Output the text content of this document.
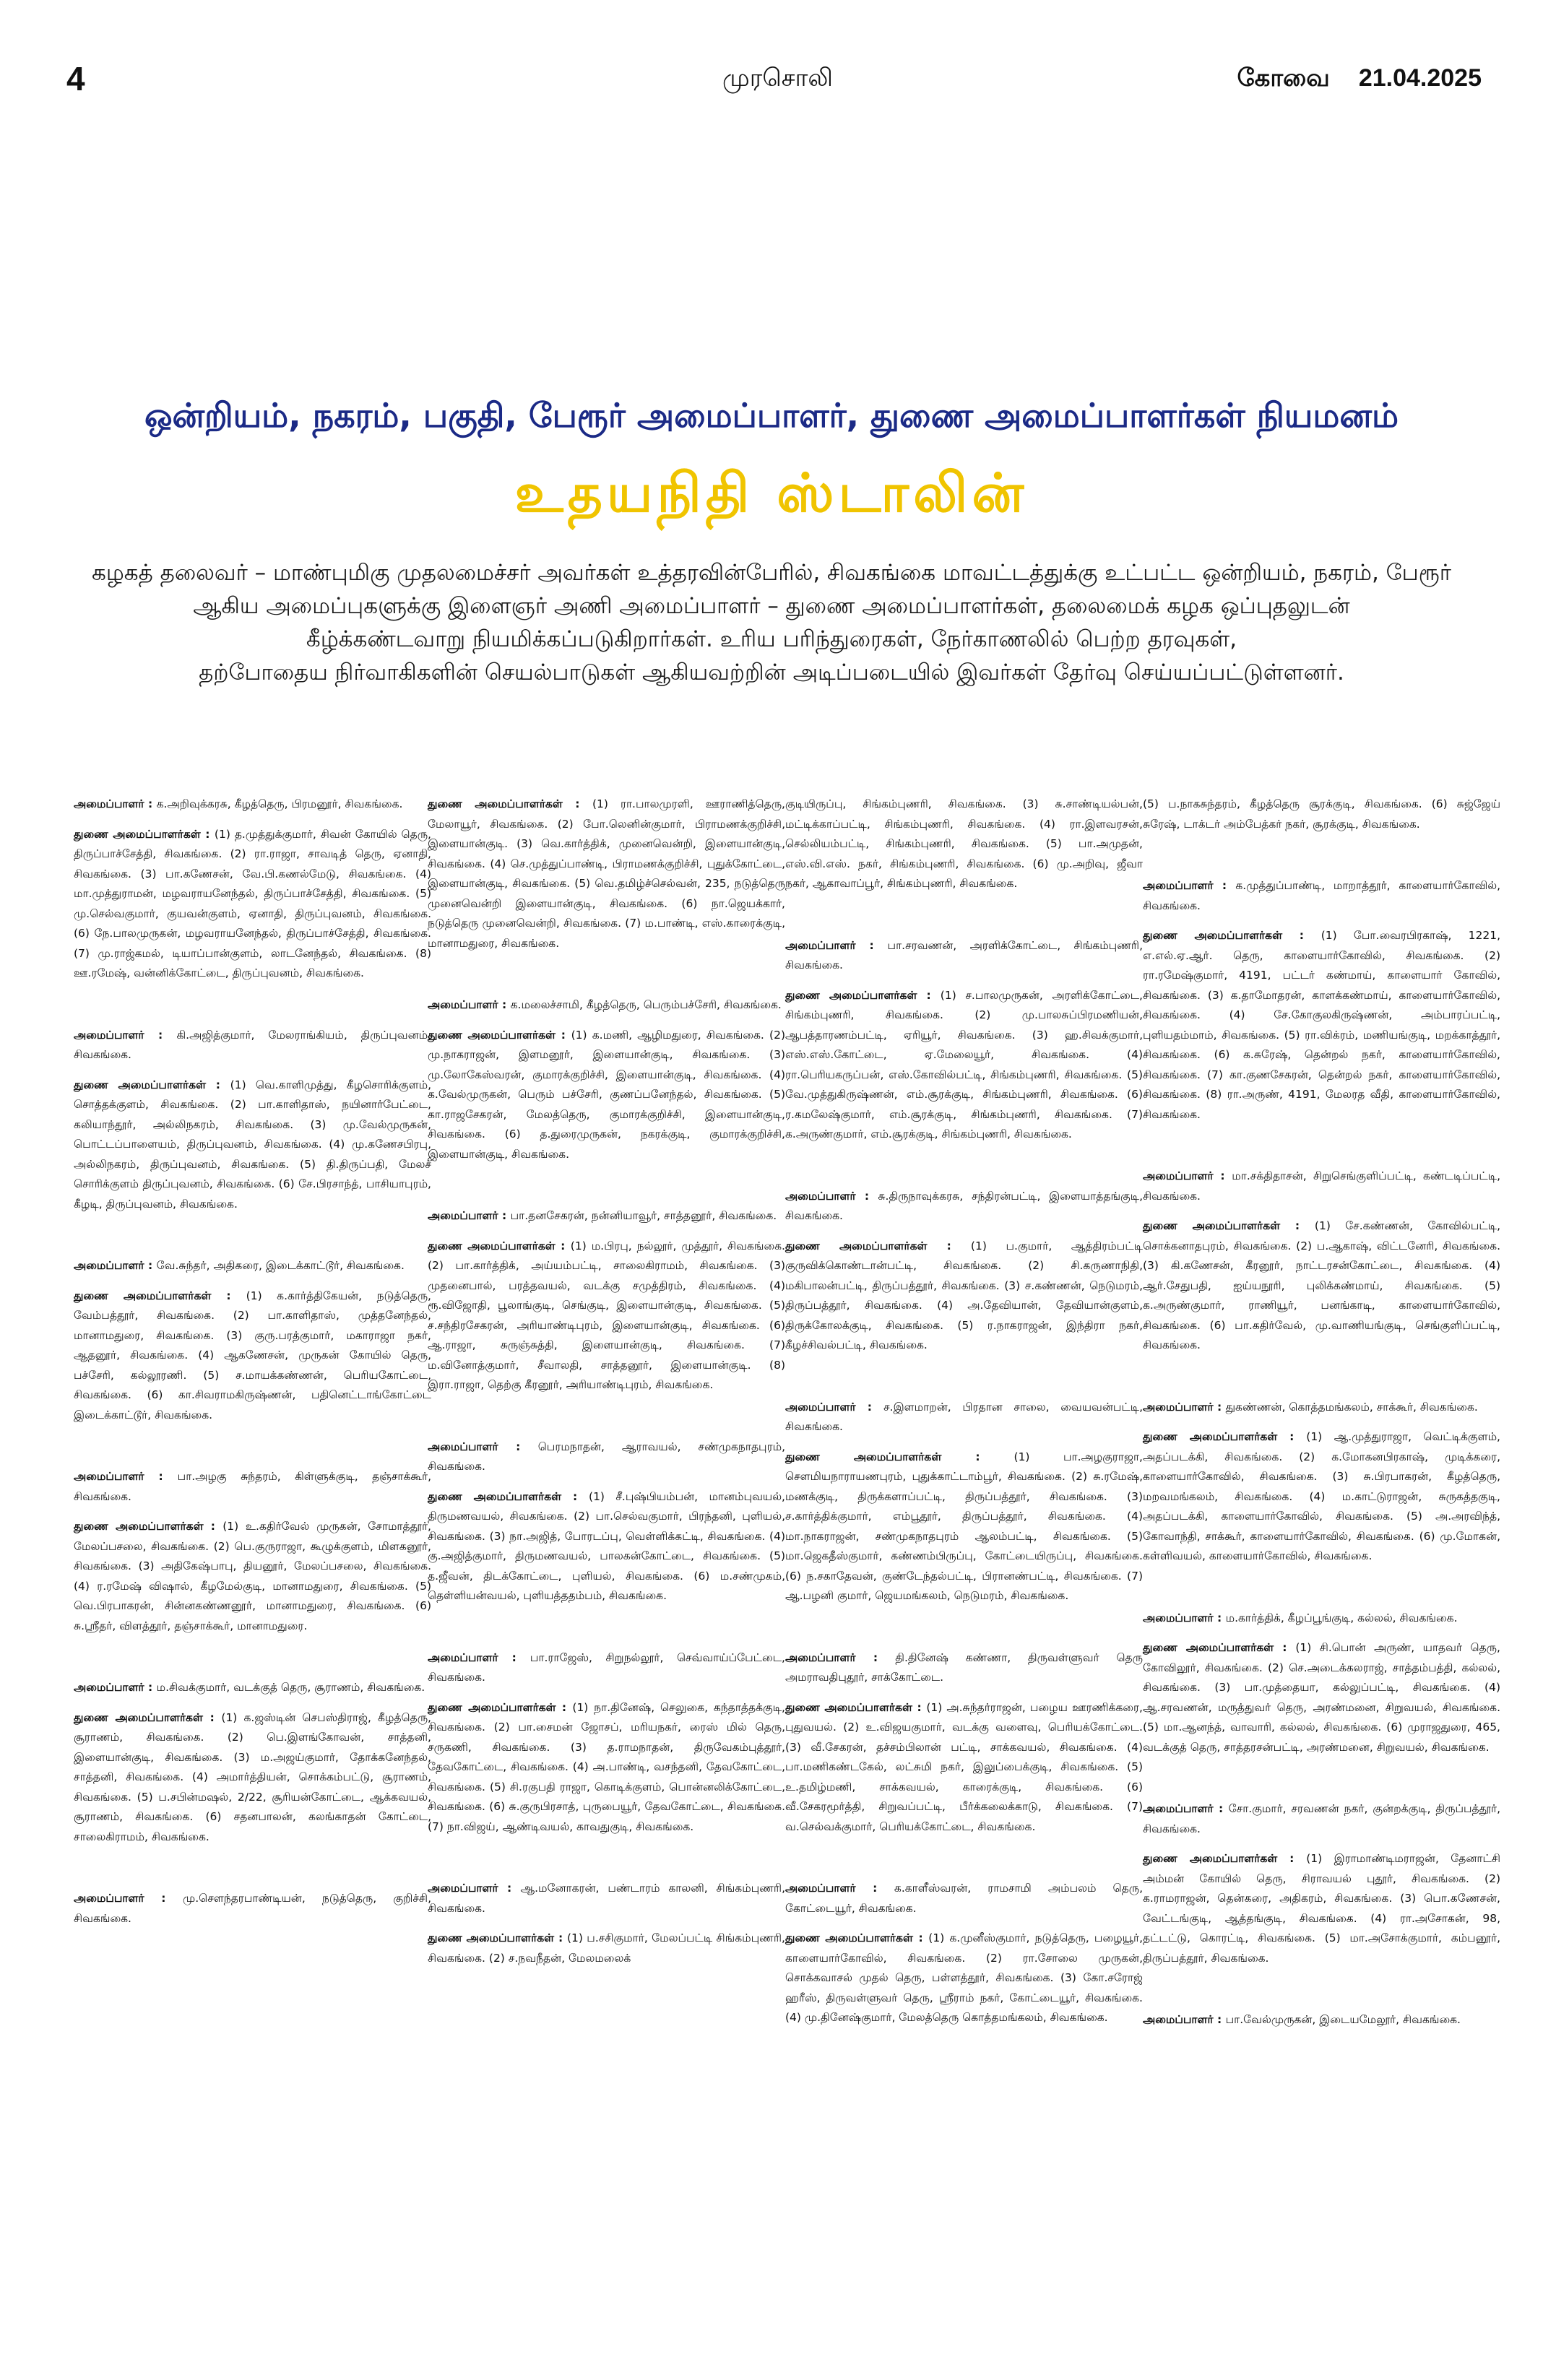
4	முரசொலி	கோவை 21.04.2025
ஒன்றியம், நகரம், பகுதி, பேரூர் அமைப்பாளர், துணை அமைப்பாளர்கள் நியமனம்
உதயநிதி ஸ்டாலின்
கழகத் தலைவர் – மாண்புமிகு முதலமைச்சர் அவர்கள் உத்தரவின்பேரில், சிவகங்கை மாவட்டத்துக்கு உட்பட்ட ஒன்றியம், நகரம், பேரூர்
ஆகிய அமைப்புகளுக்கு இளைஞர் அணி அமைப்பாளர் – துணை அமைப்பாளர்கள், தலைமைக் கழக ஒப்புதலுடன்
கீழ்க்கண்டவாறு நியமிக்கப்படுகிறார்கள். உரிய பரிந்துரைகள், நேர்காணலில் பெற்ற தரவுகள்,
தற்போதைய நிர்வாகிகளின் செயல்பாடுகள் ஆகியவற்றின் அடிப்படையில் இவர்கள் தேர்வு செய்யப்பட்டுள்ளனர்.

அமைப்பாளர் : க.அறிவுக்கரசு, கீழத்தெரு, பிரமனூர், சிவகங்கை.

துணை அமைப்பாளர்கள் : (1) த.முத்துக்குமார், சிவன் கோயில் தெரு, திருப்பாச்சேத்தி, சிவகங்கை. (2) ரா.ராஜா, சாவடித் தெரு, ஏனாதி, சிவகங்கை. (3) பா.கணேசன், வே.பி.கணல்மேடு, சிவகங்கை. (4) மா.முத்துராமன், மழவராயனேந்தல், திருப்பாச்சேத்தி, சிவகங்கை. (5) மு.செல்வகுமார், குயவன்குளம், ஏனாதி, திருப்புவனம், சிவகங்கை. (6) நே.பாலமுருகன், மழவராயனேந்தல், திருப்பாச்சேத்தி, சிவகங்கை. (7) மு.ராஜ்கமல், டியாப்பான்குளம், லாடனேந்தல், சிவகங்கை. (8) ஊ.ரமேஷ், வன்னிக்கோட்டை, திருப்புவனம், சிவகங்கை.

அமைப்பாளர் : கி.அஜித்குமார், மேலராங்கியம், திருப்புவனம், சிவகங்கை.

துணை அமைப்பாளர்கள் : (1) வெ.காளிமுத்து, கீழசொரிக்குளம், சொத்தக்குளம், சிவகங்கை. (2) பா.காளிதாஸ், நயினார்பேட்டை, கலியாந்தூர், அல்லிநகரம், சிவகங்கை. (3) மு.வேல்முருகன், பொட்டப்பாளையம், திருப்புவனம், சிவகங்கை. (4) மு.கணேசபிரபு, அல்லிநகரம், திருப்புவனம், சிவகங்கை. (5) தி.திருப்பதி, மேலச் சொரிக்குளம் திருப்புவனம், சிவகங்கை. (6) சே.பிரசாந்த், பாசியாபுரம், கீழடி, திருப்புவனம், சிவகங்கை.

அமைப்பாளர் : வே.சுந்தர், அதிகரை, இடைக்காட்டூர், சிவகங்கை.

துணை அமைப்பாளர்கள் : (1) க.கார்த்திகேயன், நடுத்தெரு, வேம்பத்தூர், சிவகங்கை. (2) பா.காளிதாஸ், முத்தனேந்தல், மானாமதுரை, சிவகங்கை. (3) குரு.பரத்குமார், மகாராஜா நகர், ஆதனூர், சிவகங்கை. (4) ஆகணேசன், முருகன் கோயில் தெரு, பச்சேரி, கல்லூரணி. (5) ச.மாயக்கண்ணன், பெரியகோட்டை, சிவகங்கை. (6) கா.சிவராமகிருஷ்ணன், பதினெட்டாங்கோட்டை இடைக்காட்டூர், சிவகங்கை.

அமைப்பாளர் : பா.அழகு சுந்தரம், கிள்ளுக்குடி, தஞ்சாக்கூர், சிவகங்கை.

துணை அமைப்பாளர்கள் : (1) உ.கதிர்வேல் முருகன், சோமாத்தூர், மேலப்பசலை, சிவகங்கை. (2) பெ.குரு‌ராஜா, கூழுக்குளம், மிளகனூர், சிவகங்கை. (3) அதிகேஷ்பாபு, தியனூர், மேலப்பசலை, சிவகங்கை. (4) ர.ரமேஷ் விஷால், கீழமேல்குடி, மானாமதுரை, சிவகங்கை. (5) வெ.பிரபாகரன், சின்னகண்ணனூர், மானாமதுரை, சிவகங்கை. (6) சு.ஸ்ரீதர், விளத்தூர், தஞ்சாக்கூர், மானாமதுரை.

அமைப்பாளர் : ம.சிவக்குமார், வடக்குத் தெரு, சூராணம், சிவகங்கை.

துணை அமைப்பாளர்கள் : (1) க.ஜஸ்டின் செபஸ்திராஜ், கீழத்தெரு, சூராணம், சிவகங்கை. (2) பெ.இளங்கோவன், சாத்தனி, இளையான்குடி, சிவகங்கை. (3) ம.அஜய்குமார், தோக்கனேந்தல், சாத்தனி, சிவகங்கை. (4) அமார்த்தியன், சொக்கம்பட்டு, சூராணம், சிவகங்கை. (5) ப.சபின்மஷல், 2/22, சூரியன்கோட்டை, ஆக்கவயல், சூராணம், சிவகங்கை. (6) சதனபாலன், கலங்காதன் கோட்டை, சாலைகிராமம், சிவகங்கை.

அமைப்பாளர் : மு.சௌந்தரபாண்டியன், நடுத்தெரு, குறிச்சி, சிவகங்கை.

துணை அமைப்பாளர்கள் : (1) ரா.பாலமுரளி, ஊராணித்தெரு, மேலாயூர், சிவகங்கை. (2) போ.லெனின்குமார், பிராமணக்குறிச்சி, இளையான்குடி. (3) வெ.கார்த்திக், முனைவென்றி, இளையான்குடி, சிவகங்கை. (4) செ.முத்துப்பாண்டி, பிராமணக்குறிச்சி, புதுக்கோட்டை, இளையான்குடி, சிவகங்கை. (5) வெ.தமிழ்ச்செல்வன், 235, நடுத்தெரு முனைவென்றி இளையான்குடி, சிவகங்கை. (6) நா.ஜெயக்கார், நடுத்தெரு முனைவென்றி, சிவகங்கை. (7) ம.பாண்டி, எஸ்.காரைக்குடி, மானாமதுரை, சிவகங்கை.

அமைப்பாளர் : க.மலைச்சாமி, கீழத்தெரு, பெரும்பச்சேரி, சிவகங்கை.

துணை அமைப்பாளர்கள் : (1) க.மணி, ஆழிமதுரை, சிவகங்கை. (2) மு.நாகராஜன், இளமனூர், இளையான்குடி, சிவகங்கை. (3) மு.லோகேஸ்வரன், குமாரக்குறிச்சி, இளையான்குடி, சிவகங்கை. (4) க.வேல்முருகன், பெரும் பச்சேரி, குணப்பனேந்தல், சிவகங்கை. (5) கா.ராஜசேகரன், மேலத்தெரு, குமாரக்குறிச்சி, இளையான்குடி, சிவகங்கை. (6) த.துரைமுருகன், நகரக்குடி, குமாரக்குறிச்சி, இளையான்குடி, சிவகங்கை.

அமைப்பாளர் : பா.தனசேகரன், நன்னியாவூர், சாத்தனூர், சிவகங்கை.

துணை அமைப்பாளர்கள் : (1) ம.பிரபு, நல்லூர், முத்தூர், சிவகங்கை. (2) பா.கார்த்திக், அய்யம்பட்டி, சாலைகிராமம், சிவகங்கை. (3) முதனைபால், பரத்தவயல், வடக்கு சமுத்திரம், சிவகங்கை. (4) ரூ.விஜோதி, பூலாங்குடி, செங்குடி, இளையான்குடி, சிவகங்கை. (5) ச.சந்திரசேகரன், அரியாண்டிபுரம், இளையான்குடி, சிவகங்கை. (6) ஆ.ராஜா, சுருஞ்சுத்தி, இளையான்குடி, சிவகங்கை. (7) ம.வினோத்குமார், சீவாலதி, சாத்தனூர், இளையான்குடி. (8) இரா.ராஜா, தெற்கு கீரனூர், அரியாண்டிபுரம், சிவகங்கை.

அமைப்பாளர் : பெரமநாதன், ஆராவயல், சண்முகநாதபுரம், சிவகங்கை.

துணை அமைப்பாளர்கள் : (1) சீ.புஷ்பியம்பன், மானம்புவயல், திருமணவயல், சிவகங்கை. (2) பா.செல்வகுமார், பிரந்தனி, புளியல், சிவகங்கை. (3) நா.அஜித், போரடப்பு, வெள்ளிக்கட்டி, சிவகங்கை. (4) கு.அஜித்குமார், திருமணவயல், பாலகன்கோட்டை, சிவகங்கை. (5) த.ஜீவன், திடக்கோட்டை, புளியல், சிவகங்கை. (6) ம.சண்முகம், தெள்ளியன்வயல், புளியத்ததம்பம், சிவகங்கை.

அமைப்பாளர் : பா.ராஜேஸ், சிறுநல்லூர், செவ்வாய்ப்பேட்டை, சிவகங்கை.

துணை அமைப்பாளர்கள் : (1) நா.தினேஷ், செலுகை, கந்தாத்தக்குடி, சிவகங்கை. (2) பா.சைமன் ஜோசப், மரியநகர், ரைஸ் மில் தெரு, சருகணி, சிவகங்கை. (3) த.ராமநாதன், திருவேகம்புத்தூர், தேவகோட்டை, சிவகங்கை. (4) அ.பாண்டி, வசந்தனி, தேவகோட்டை, சிவகங்கை. (5) சி.ரகுபதி ராஜா, கொடிக்குளம், பொன்னலிக்கோட்டை, சிவகங்கை. (6) சு.குருபிரசாத், புருபையூர், தேவகோட்டை, சிவகங்கை. (7) நா.விஜய், ஆண்டிவயல், காவதுகுடி, சிவகங்கை.

அமைப்பாளர் : ஆ.மனோகரன், பண்டாரம் காலனி, சிங்கம்புணரி, சிவகங்கை.

துணை அமைப்பாளர்கள் : (1) ப.சசிகுமார், மேலப்பட்டி சிங்கம்புணரி, சிவகங்கை. (2) ச.நவநீதன், மேலமலைக்

குடியிருப்பு, சிங்கம்புணரி, சிவகங்கை. (3) சு.சாண்டியல்பன், மட்டிக்காப்பட்டி, சிங்கம்புணரி, சிவகங்கை. (4) ரா.இளவரசன், செல்லியம்பட்டி, சிங்கம்புணரி, சிவகங்கை. (5) பா.அமுதன், எஸ்.வி.எஸ். நகர், சிங்கம்புணரி, சிவகங்கை. (6) மு.அறிவு, ஜீவா நகர், ஆகாவாப்பூர், சிங்கம்புணரி, சிவகங்கை.

அமைப்பாளர் : பா.சரவணன், அரளிக்கோட்டை, சிங்கம்புணரி, சிவகங்கை.

துணை அமைப்பாளர்கள் : (1) ச.பாலமுருகன், அரளிக்கோட்டை, சிங்கம்புணரி, சிவகங்கை. (2) மு.பாலசுப்பிரமணியன், ஆபத்தாரணம்பட்டி, ஏரியூர், சிவகங்கை. (3) ஹ.சிவக்குமார், எஸ்.எஸ்.கோட்டை, ஏ.மேலையூர், சிவகங்கை. (4) ரா.பெரியகருப்பன், எஸ்.கோவில்பட்டி, சிங்கம்புணரி, சிவகங்கை. (5) வே.முத்துகிருஷ்ணன், எம்.சூரக்குடி, சிங்கம்புணரி, சிவகங்கை. (6) ர.கமலேஷ்குமார், எம்.சூரக்குடி, சிங்கம்புணரி, சிவகங்கை. (7) க.அருண்குமார், எம்.சூரக்குடி, சிங்கம்புணரி, சிவகங்கை.

அமைப்பாளர் : சு.திருநாவுக்கரசு, சந்திரன்பட்டி, இளையாத்தங்குடி, சிவகங்கை.

துணை அமைப்பாளர்கள் : (1) ப.குமார், ஆத்திரம்பட்டி குருவிக்கொண்டான்பட்டி, சிவகங்கை. (2) சி.கருணாநிதி, மகிபாலன்பட்டி, திருப்பத்தூர், சிவகங்கை. (3) ச.கண்ணன், நெடுமரம், திருப்பத்தூர், சிவகங்கை. (4) அ.தேவியான், தேவியான்குளம், திருக்கோலக்குடி, சிவகங்கை. (5) ர.நாகராஜன், இந்திரா நகர், கீழச்சிவல்பட்டி, சிவகங்கை.

அமைப்பாளர் : ச.இளமாறன், பிரதான சாலை, வையவன்பட்டி, சிவகங்கை.

துணை அமைப்பாளர்கள் : (1) பா.அழகுராஜா, சௌமியநாராயணபுரம், புதுக்காட்டாம்பூர், சிவகங்கை. (2) சு.ரமேஷ், மணக்குடி, திருக்களாப்பட்டி, திருப்பத்தூர், சிவகங்கை. (3) ச.கார்த்திக்குமார், எம்பூதூர், திருப்பத்தூர், சிவகங்கை. (4) மா.நாகராஜன், சண்முகநாதபுரம் ஆலம்பட்டி, சிவகங்கை. (5) மா.ஜெகதீஸ்குமார், கண்ணம்பிருப்பு, கோட்டையிருப்பு, சிவகங்கை. (6) ந.சகாதேவன், குண்டேந்தல்பட்டி, பிரானண்பட்டி, சிவகங்கை. (7) ஆ.பழனி குமார், ஜெயமங்கலம், நெடுமரம், சிவகங்கை.

அமைப்பாளர் : தி.தினேஷ் கண்ணா, திருவள்ளுவர் தெரு அமராவதிபுதூர், சாக்கோட்டை.

துணை அமைப்பாளர்கள் : (1) அ.சுந்தர்ராஜன், பழைய ஊரணிக்கரை, புதுவயல். (2) உ.விஜயகுமார், வடக்கு வளைவு, பெரியக்கோட்டை. (3) வீ.சேகரன், தச்சம்பிலான் பட்டி, சாக்கவயல், சிவகங்கை. (4) பா.மணிகண்டகேல், லட்சுமி நகர், இலுப்பைக்குடி, சிவகங்கை. (5) உ.தமிழ்மணி, சாக்கவயல், காரைக்குடி, சிவகங்கை. (6) வீ.சேகரமூர்த்தி, சிறுவப்பட்டி, பீர்க்கலைக்காடு, சிவகங்கை. (7) வ.செல்வக்குமார், பெரியக்கோட்டை, சிவகங்கை.

அமைப்பாளர் : க.காளீஸ்வரன், ராமசாமி அம்பலம் தெரு, கோட்டையூர், சிவகங்கை.

துணை அமைப்பாளர்கள் : (1) க.முனீஸ்குமார், நடுத்தெரு, பழையூர், காளையார்கோவில், சிவகங்கை. (2) ரா.சோலை முருகன், சொக்கவாசல் முதல் தெரு, பள்ளத்தூர், சிவகங்கை. (3) கோ.சரோஜ் ஹரீஸ், திருவள்ளுவர் தெரு, ஸ்ரீராம் நகர், கோட்டையூர், சிவகங்கை. (4) மு.தினேஷ்குமார், மேலத்தெரு கொத்தமங்கலம், சிவகங்கை.

(5) ப.நாகசுந்தரம், கீழத்தெரு சூரக்குடி, சிவகங்கை. (6) சுஜ்ஜேய் சுரேஷ், டாக்டர் அம்பேத்கர் நகர், சூரக்குடி, சிவகங்கை.

அமைப்பாளர் : க.முத்துப்பாண்டி, மாறாத்தூர், காளையார்கோவில், சிவகங்கை.

துணை அமைப்பாளர்கள் : (1) போ.வைரபிரகாஷ், 1221, எ.எல்.ஏ.ஆர். தெரு, காளையார்கோவில், சிவகங்கை. (2) ரா.ரமேஷ்குமார், 4191, பட்டர் கண்மாய், காளையார் கோவில், சிவகங்கை. (3) க.தாமோதரன், காளக்கண்மாய், காளையார்கோவில், சிவகங்கை. (4) சே.கோகுலகிருஷ்ணன், அம்பாரப்பட்டி, புளியதம்மாம், சிவகங்கை. (5) ரா.விக்ரம், மணியங்குடி, மறக்காத்தூர், சிவகங்கை. (6) க.சுரேஷ், தென்றல் நகர், காளையார்கோவில், சிவகங்கை. (7) கா.குணசேகரன், தென்றல் நகர், காளையார்கோவில், சிவகங்கை. (8) ரா.அருண், 4191, மேலரத வீதி, காளையார்கோவில், சிவகங்கை.

அமைப்பாளர் : மா.சக்திதாசன், சிறுசெங்குளிப்பட்டி, கண்டடிப்பட்டி, சிவகங்கை.

துணை அமைப்பாளர்கள் : (1) சே.கண்ணன், கோவில்பட்டி, சொக்கனாதபுரம், சிவகங்கை. (2) ப.ஆகாஷ், விட்டனேரி, சிவகங்கை. (3) கி.கணேசன், கீரனூர், நாட்டரசன்கோட்டை, சிவகங்கை. (4) ஆர்.சேதுபதி, ஐய்யநூரி, புலிக்கண்மாய், சிவகங்கை. (5) க.அருண்குமார், ராணியூர், பனங்காடி, காளையார்கோவில், சிவகங்கை. (6) பா.கதிர்வேல், மு.வாணியங்குடி, செங்குளிப்பட்டி, சிவகங்கை.

அமைப்பாளர் : துகண்ணன், கொத்தமங்கலம், சாக்கூர், சிவகங்கை.

துணை அமைப்பாளர்கள் : (1) ஆ.முத்துராஜா, வெட்டிக்குளம், அதப்படக்கி, சிவகங்கை. (2) க.மோகனபிரகாஷ், முடிக்கரை, காளையார்கோவில், சிவகங்கை. (3) சு.பிரபாகரன், கீழத்தெரு, மறவமங்கலம், சிவகங்கை. (4) ம.காட்டுராஜன், சுருகத்தகுடி, அதப்படக்கி, காளையார்கோவில், சிவகங்கை. (5) அ.அரவிந்த், கோவாந்தி, சாக்கூர், காளையார்கோவில், சிவகங்கை. (6) மு.மோகன், கள்ளிவயல், காளையார்கோவில், சிவகங்கை.

அமைப்பாளர் : ம.கார்த்திக், கீழப்பூங்குடி, கல்லல், சிவகங்கை.

துணை அமைப்பாளர்கள் : (1) சி.பொன் அருண், யாதவர் தெரு, கோவிலூர், சிவகங்கை. (2) செ.அடைக்கலராஜ், சாத்தம்பத்தி, கல்லல், சிவகங்கை. (3) பா.முத்தையா, கல்லுப்பட்டி, சிவகங்கை. (4) ஆ.சரவணன், மருத்துவர் தெரு, அரண்மனை, சிறுவயல், சிவகங்கை. (5) மா.ஆனந்த், வாவாரி, கல்லல், சிவகங்கை. (6) முராஜதுரை, 465, வடக்குத் தெரு, சாத்தரசன்பட்டி, அரண்மனை, சிறுவயல், சிவகங்கை.

அமைப்பாளர் : சோ.குமார், சரவணன் நகர், குன்றக்குடி, திருப்பத்தூர், சிவகங்கை.

துணை அமைப்பாளர்கள் : (1) இராமாண்டிமராஜன், தேனாட்சி அம்மன் கோயில் தெரு, சிராவயல் புதூர், சிவகங்கை. (2) க.ராமராஜன், தென்கரை, அதிகரம், சிவகங்கை. (3) பொ.கணேசன், வேட்டங்குடி, ஆத்தங்குடி, சிவகங்கை. (4) ரா.அசோகன், 98, தட்டட்டு, கொரட்டி, சிவகங்கை. (5) மா.அசோக்குமார், கம்பனூர், திருப்பத்தூர், சிவகங்கை.

அமைப்பாளர் : பா.வேல்முருகன், இடையமேலூர், சிவகங்கை.
